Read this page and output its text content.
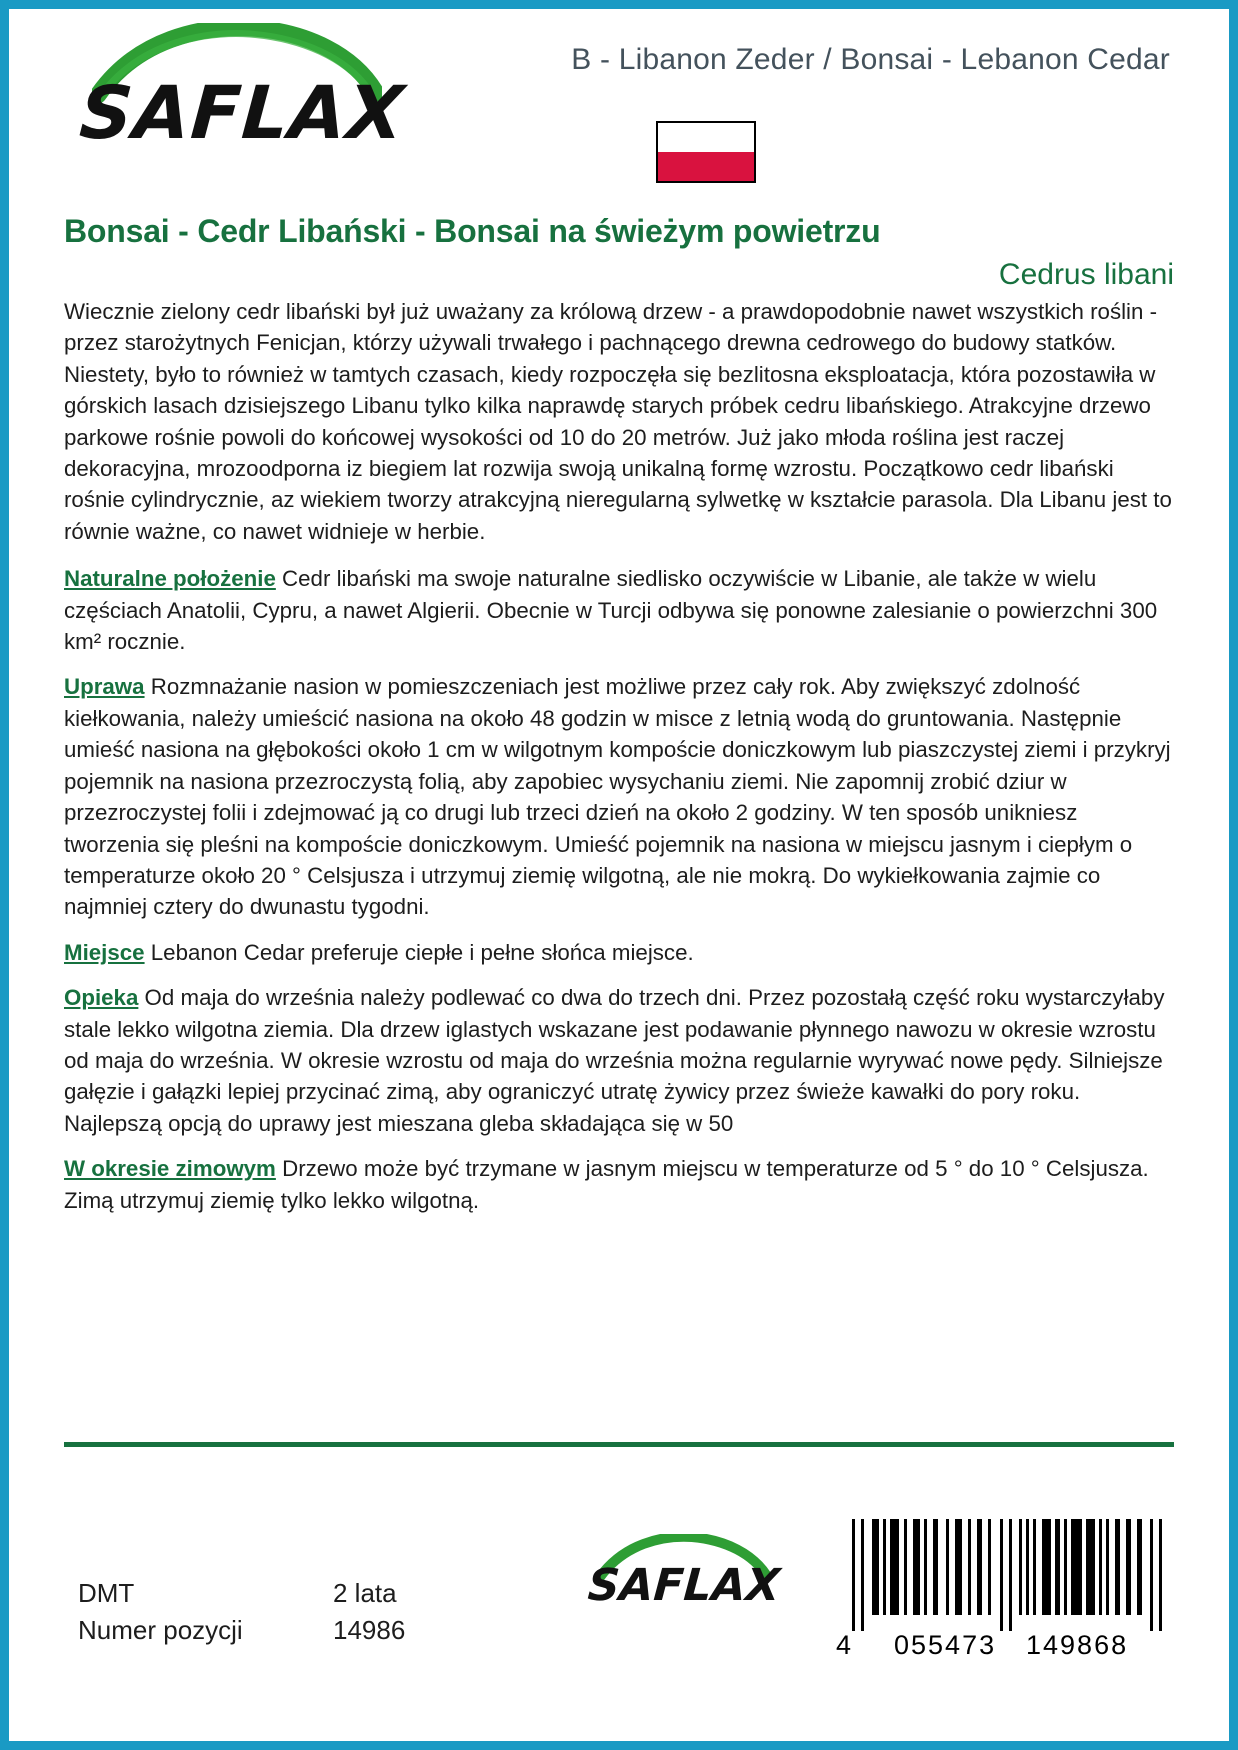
SAFLAX
B - Libanon Zeder / Bonsai - Lebanon Cedar
Bonsai - Cedr Libański - Bonsai na świeżym powietrzu
Cedrus libani

Wiecznie zielony cedr libański był już uważany za królową drzew - a prawdopodobnie nawet wszystkich roślin - przez starożytnych Fenicjan, którzy używali trwałego i pachnącego drewna cedrowego do budowy statków. Niestety, było to również w tamtych czasach, kiedy rozpoczęła się bezlitosna eksploatacja, która pozostawiła w górskich lasach dzisiejszego Libanu tylko kilka naprawdę starych próbek cedru libańskiego. Atrakcyjne drzewo parkowe rośnie powoli do końcowej wysokości od 10 do 20 metrów. Już jako młoda roślina jest raczej dekoracyjna, mrozoodporna iz biegiem lat rozwija swoją unikalną formę wzrostu. Początkowo cedr libański rośnie cylindrycznie, az wiekiem tworzy atrakcyjną nieregularną sylwetkę w kształcie parasola. Dla Libanu jest to równie ważne, co nawet widnieje w herbie.

Naturalne położenie Cedr libański ma swoje naturalne siedlisko oczywiście w Libanie, ale także w wielu częściach Anatolii, Cypru, a nawet Algierii. Obecnie w Turcji odbywa się ponowne zalesianie o powierzchni 300 km² rocznie.

Uprawa Rozmnażanie nasion w pomieszczeniach jest możliwe przez cały rok. Aby zwiększyć zdolność kiełkowania, należy umieścić nasiona na około 48 godzin w misce z letnią wodą do gruntowania. Następnie umieść nasiona na głębokości około 1 cm w wilgotnym kompoście doniczkowym lub piaszczystej ziemi i przykryj pojemnik na nasiona przezroczystą folią, aby zapobiec wysychaniu ziemi. Nie zapomnij zrobić dziur w przezroczystej folii i zdejmować ją co drugi lub trzeci dzień na około 2 godziny. W ten sposób unikniesz tworzenia się pleśni na kompoście doniczkowym. Umieść pojemnik na nasiona w miejscu jasnym i ciepłym o temperaturze około 20 ° Celsjusza i utrzymuj ziemię wilgotną, ale nie mokrą. Do wykiełkowania zajmie co najmniej cztery do dwunastu tygodni.

Miejsce Lebanon Cedar preferuje ciepłe i pełne słońca miejsce.

Opieka Od maja do września należy podlewać co dwa do trzech dni. Przez pozostałą część roku wystarczyłaby stale lekko wilgotna ziemia. Dla drzew iglastych wskazane jest podawanie płynnego nawozu w okresie wzrostu od maja do września. W okresie wzrostu od maja do września można regularnie wyrywać nowe pędy. Silniejsze gałęzie i gałązki lepiej przycinać zimą, aby ograniczyć utratę żywicy przez świeże kawałki do pory roku. Najlepszą opcją do uprawy jest mieszana gleba składająca się w 50

W okresie zimowym Drzewo może być trzymane w jasnym miejscu w temperaturze od 5 ° do 10 ° Celsjusza. Zimą utrzymuj ziemię tylko lekko wilgotną.

DMT	2 lata
Numer pozycji	14986
SAFLAX
4 055473 149868
